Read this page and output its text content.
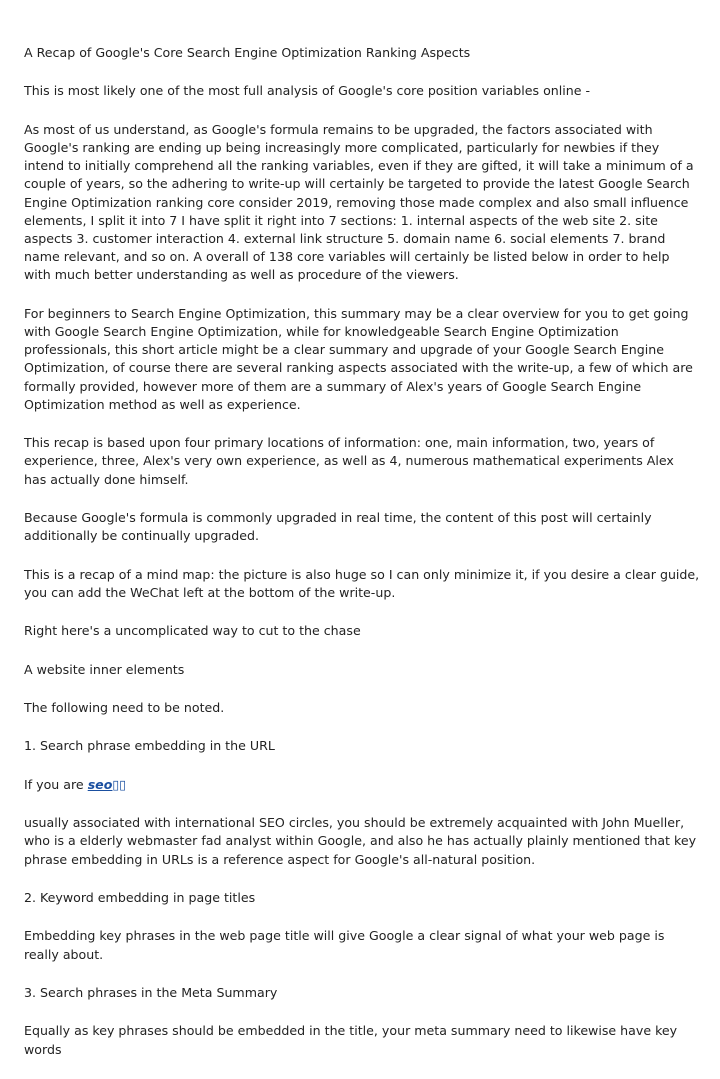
A Recap of Google's Core Search Engine Optimization Ranking Aspects

This is most likely one of the most full analysis of Google's core position variables online -

As most of us understand, as Google's formula remains to be upgraded, the factors associated with Google's ranking are ending up being increasingly more complicated, particularly for newbies if they intend to initially comprehend all the ranking variables, even if they are gifted, it will take a minimum of a couple of years, so the adhering to write-up will certainly be targeted to provide the latest Google Search Engine Optimization ranking core consider 2019, removing those made complex and also small influence elements, I split it into 7 I have split it right into 7 sections: 1. internal aspects of the web site 2. site aspects 3. customer interaction 4. external link structure 5. domain name 6. social elements 7. brand name relevant, and so on. A overall of 138 core variables will certainly be listed below in order to help with much better understanding as well as procedure of the viewers.

For beginners to Search Engine Optimization, this summary may be a clear overview for you to get going with Google Search Engine Optimization, while for knowledgeable Search Engine Optimization professionals, this short article might be a clear summary and upgrade of your Google Search Engine Optimization, of course there are several ranking aspects associated with the write-up, a few of which are formally provided, however more of them are a summary of Alex's years of Google Search Engine Optimization method as well as experience.

This recap is based upon four primary locations of information: one, main information, two, years of experience, three, Alex's very own experience, as well as 4, numerous mathematical experiments Alex has actually done himself.

Because Google's formula is commonly upgraded in real time, the content of this post will certainly additionally be continually upgraded.

This is a recap of a mind map: the picture is also huge so I can only minimize it, if you desire a clear guide, you can add the WeChat left at the bottom of the write-up.

Right here's a uncomplicated way to cut to the chase

A website inner elements

The following need to be noted.

1. Search phrase embedding in the URL

If you are seo▯▯

usually associated with international SEO circles, you should be extremely acquainted with John Mueller, who is a elderly webmaster fad analyst within Google, and also he has actually plainly mentioned that key phrase embedding in URLs is a reference aspect for Google's all-natural position.

2. Keyword embedding in page titles

Embedding key phrases in the web page title will give Google a clear signal of what your web page is really about.

3. Search phrases in the Meta Summary

Equally as key phrases should be embedded in the title, your meta summary need to likewise have key words
